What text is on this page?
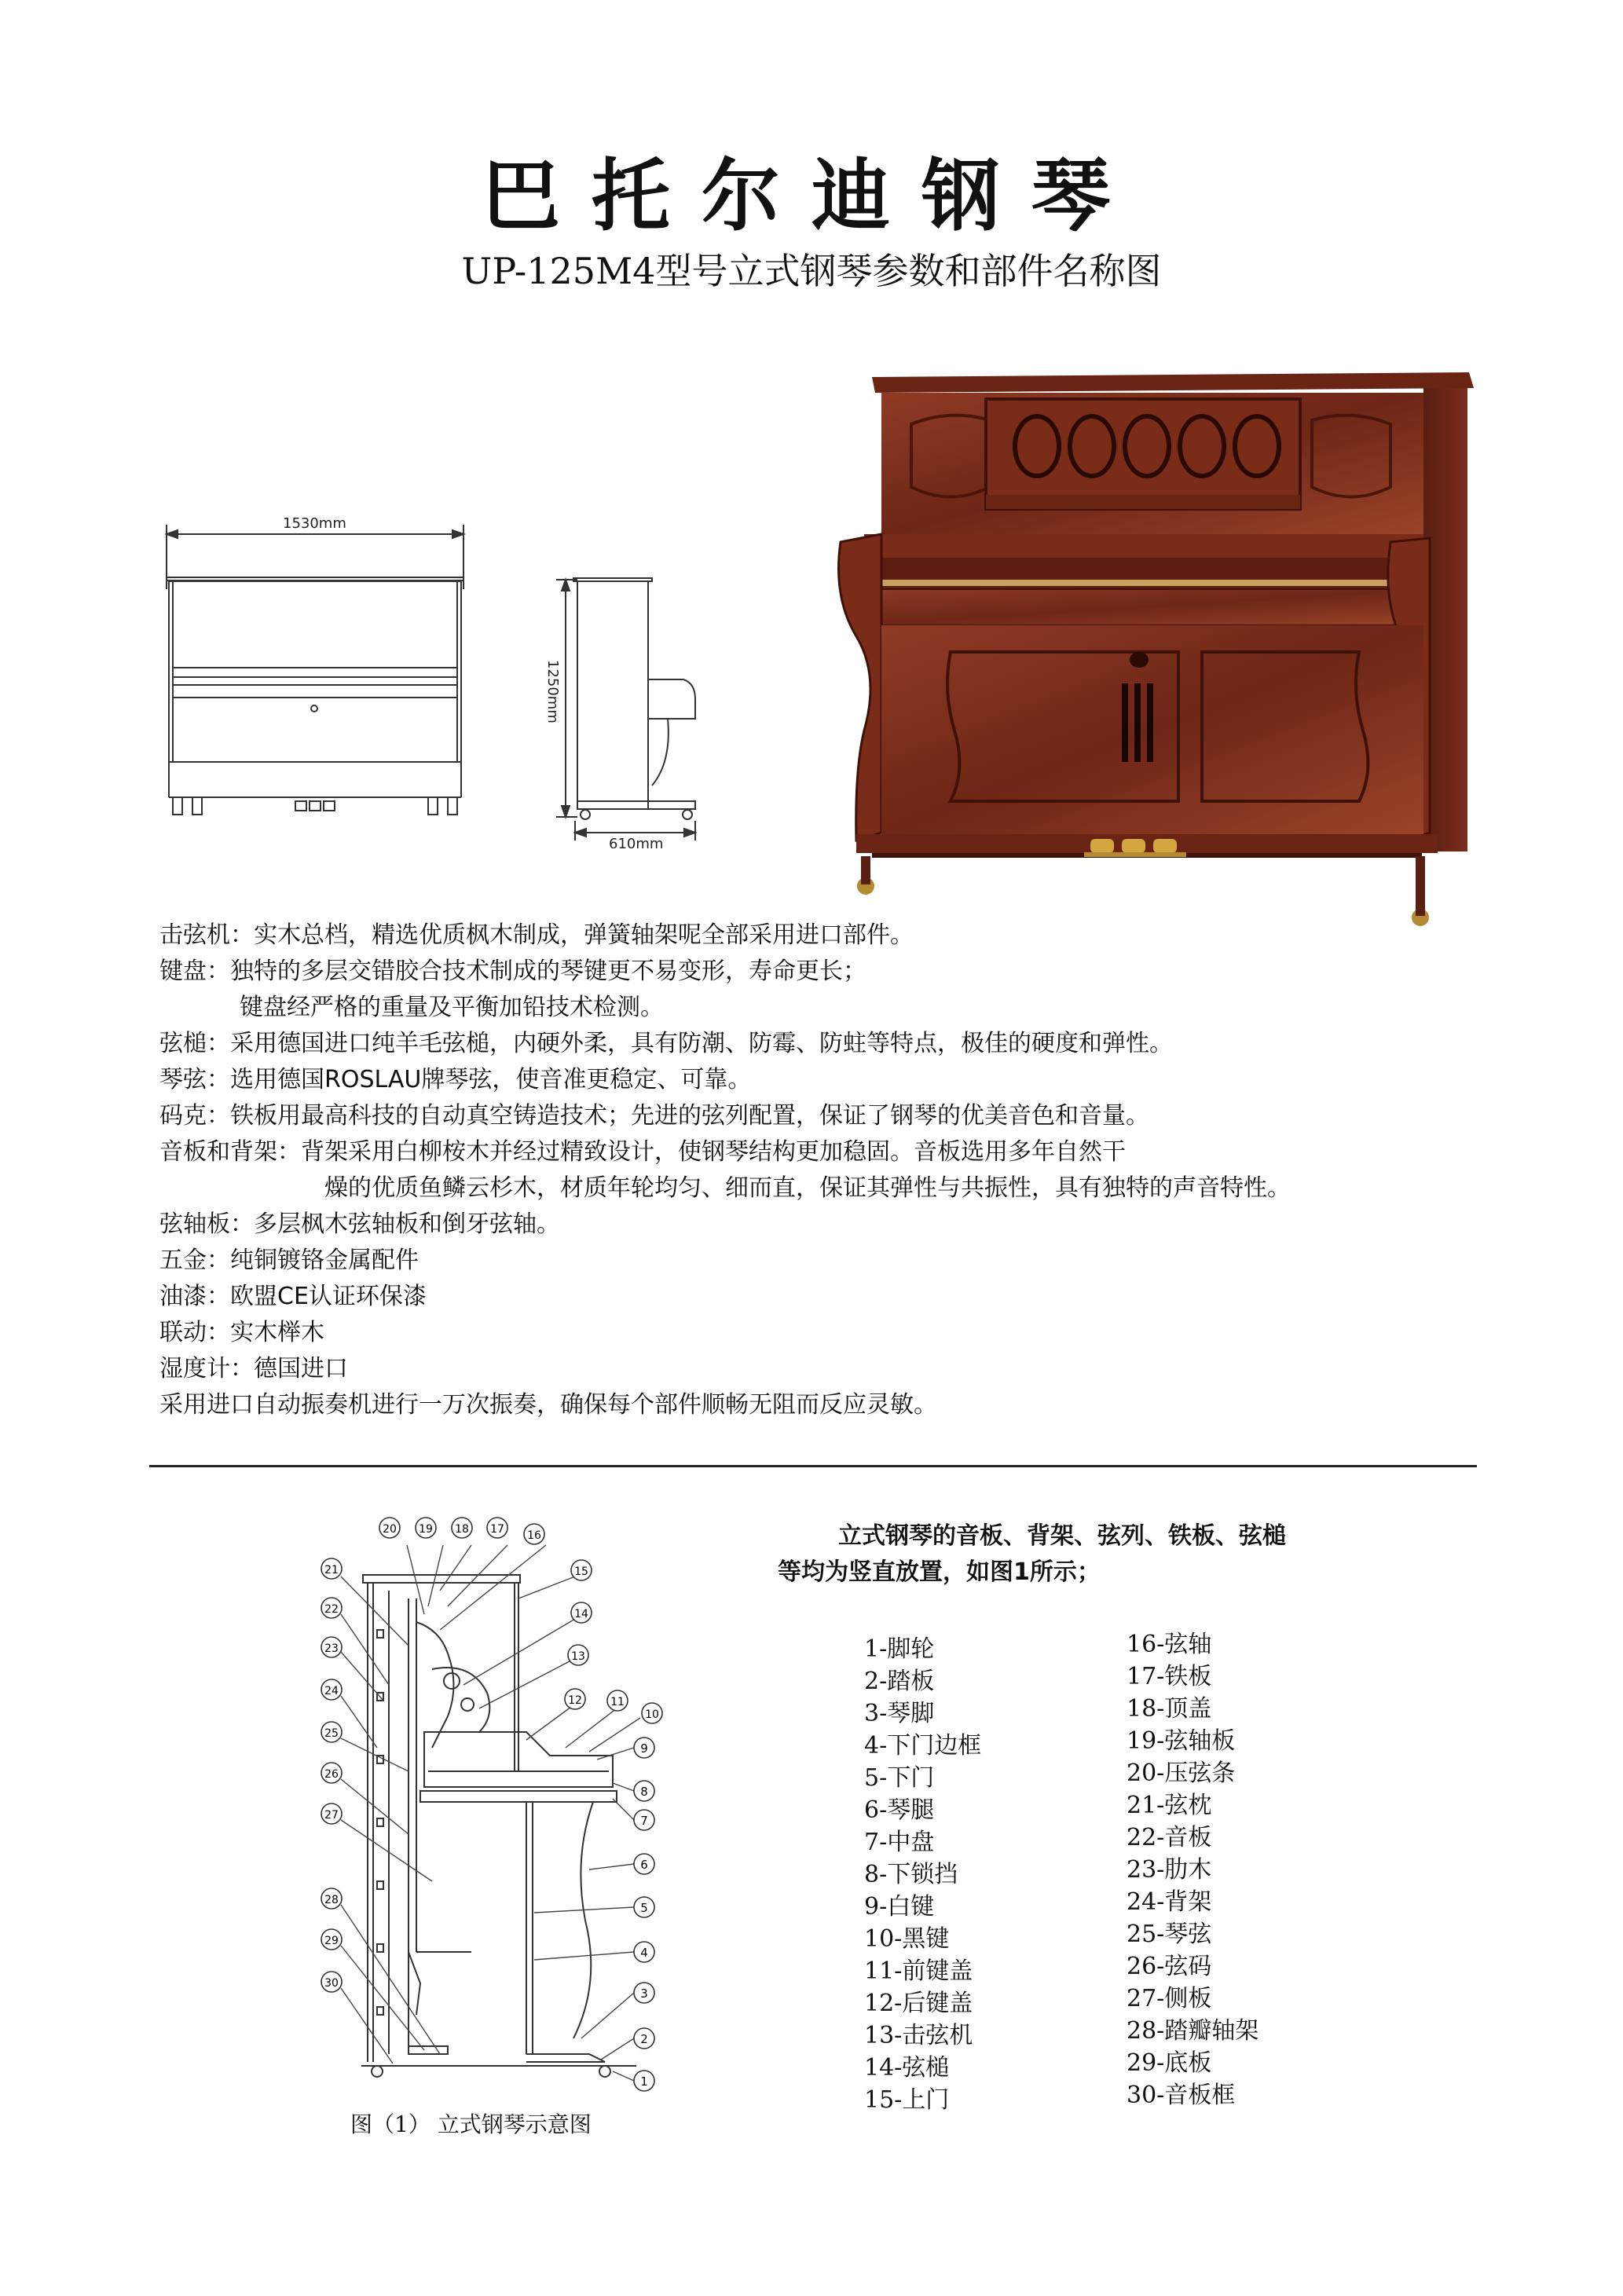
巴托尔迪钢琴
UP-125M4型号立式钢琴参数和部件名称图
1530mm
1250mm
610mm
击弦机：实木总档，精选优质枫木制成，弹簧轴架呢全部采用进口部件。
键盘：独特的多层交错胶合技术制成的琴键更不易变形，寿命更长；
键盘经严格的重量及平衡加铅技术检测。
弦槌：采用德国进口纯羊毛弦槌，内硬外柔，具有防潮、防霉、防蛀等特点，极佳的硬度和弹性。
琴弦：选用德国ROSLAU牌琴弦，使音准更稳定、可靠。
码克：铁板用最高科技的自动真空铸造技术；先进的弦列配置，保证了钢琴的优美音色和音量。
音板和背架：背架采用白柳桉木并经过精致设计，使钢琴结构更加稳固。音板选用多年自然干
燥的优质鱼鳞云杉木，材质年轮均匀、细而直，保证其弹性与共振性，具有独特的声音特性。
弦轴板：多层枫木弦轴板和倒牙弦轴。
五金：纯铜镀铬金属配件
油漆：欧盟CE认证环保漆
联动：实木榉木
湿度计：德国进口
采用进口自动振奏机进行一万次振奏，确保每个部件顺畅无阻而反应灵敏。
1
2
3
4
5
6
7
8
9
10
11
12
13
14
15
16
17
18
19
20
21
22
23
24
25
26
27
28
29
30
图（1） 立式钢琴示意图
立式钢琴的音板、背架、弦列、铁板、弦槌
等均为竖直放置，如图1所示；
1-脚轮
2-踏板
3-琴脚
4-下门边框
5-下门
6-琴腿
7-中盘
8-下锁挡
9-白键
10-黑键
11-前键盖
12-后键盖
13-击弦机
14-弦槌
15-上门
16-弦轴
17-铁板
18-顶盖
19-弦轴板
20-压弦条
21-弦枕
22-音板
23-肋木
24-背架
25-琴弦
26-弦码
27-侧板
28-踏瓣轴架
29-底板
30-音板框
